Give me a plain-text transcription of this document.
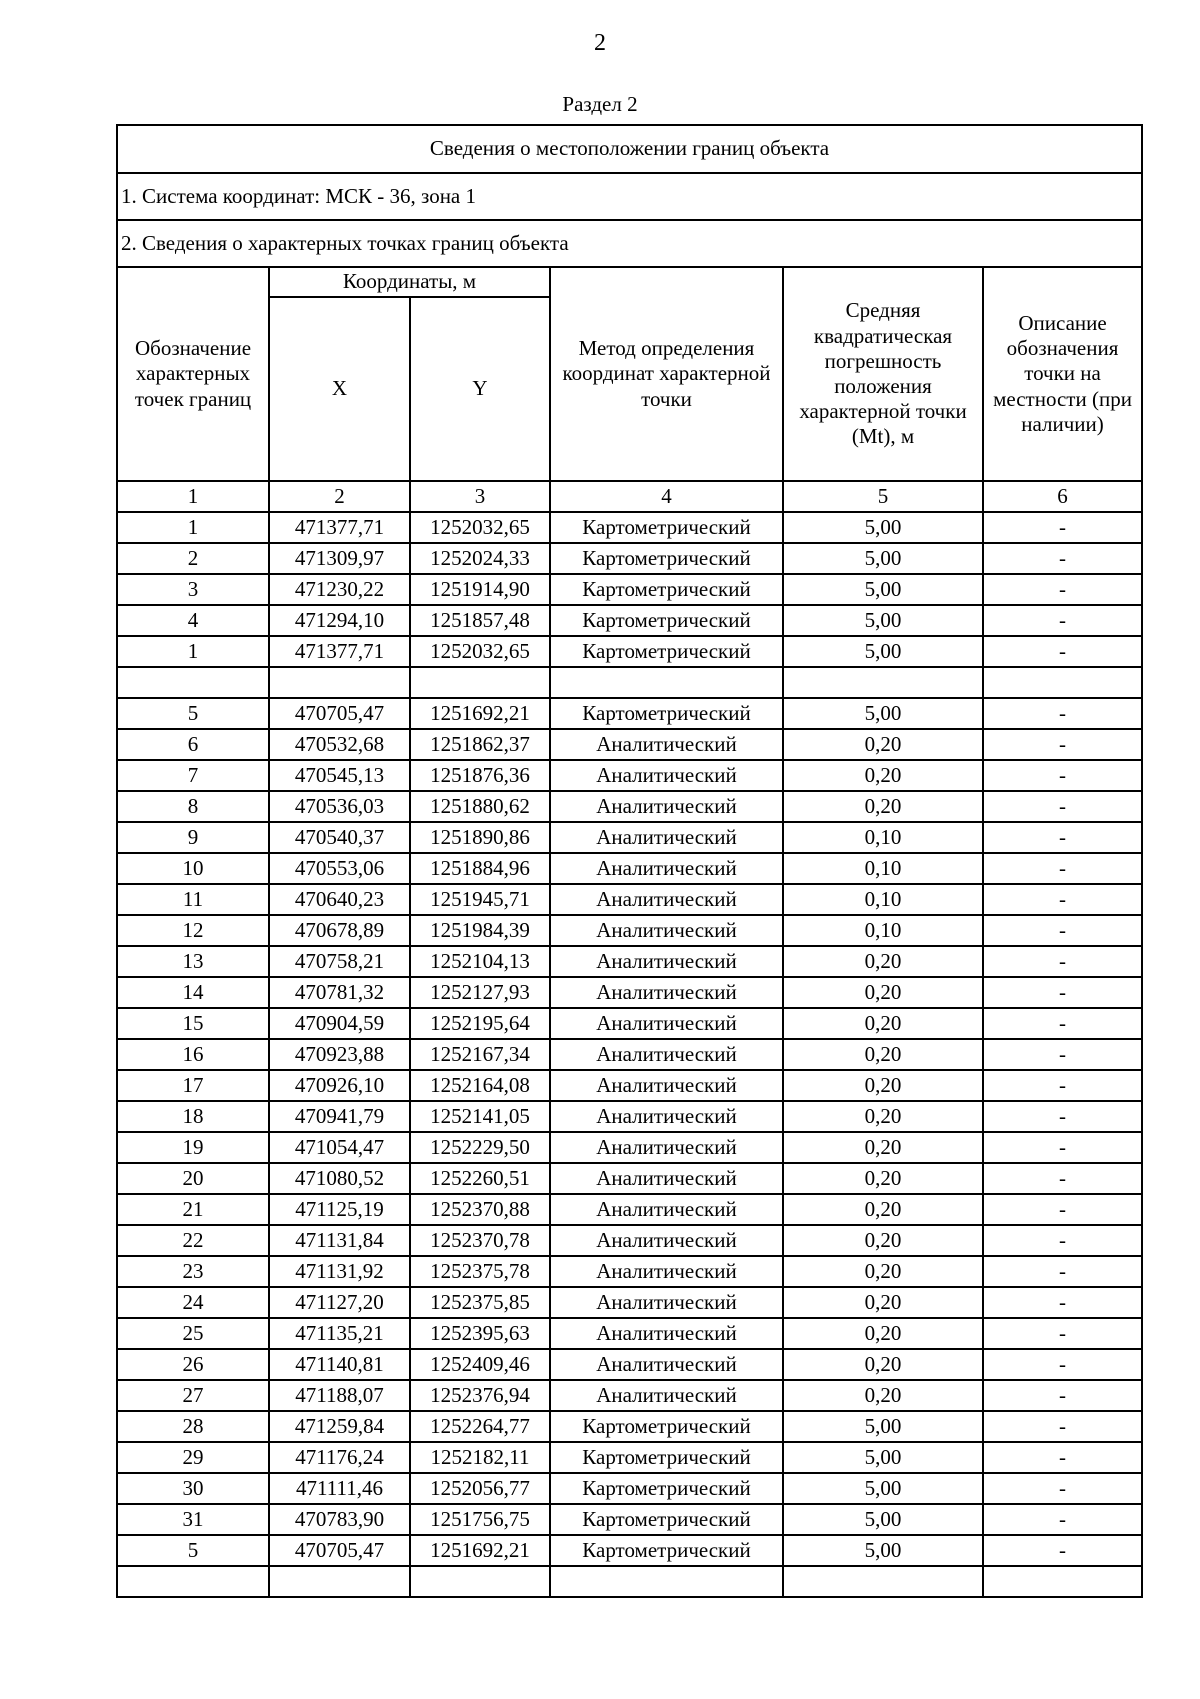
2
Раздел 2
Сведения о местоположении границ объекта					
1. Система координат: МСК - 36, зона 1					
2. Сведения о характерных точках границ объекта					
Обозначение характерных точек границ	Координаты, м		Метод определения координат характерной точки	Средняя квадратическая погрешность положения характерной точки (Mt), м	Описание обозначения точки на местности (при наличии)
	X	Y			
1	2	3	4	5	6
1	471377,71	1252032,65	Картометрический	5,00	-
2	471309,97	1252024,33	Картометрический	5,00	-
3	471230,22	1251914,90	Картометрический	5,00	-
4	471294,10	1251857,48	Картометрический	5,00	-
1	471377,71	1252032,65	Картометрический	5,00	-

5	470705,47	1251692,21	Картометрический	5,00	-
6	470532,68	1251862,37	Аналитический	0,20	-
7	470545,13	1251876,36	Аналитический	0,20	-
8	470536,03	1251880,62	Аналитический	0,20	-
9	470540,37	1251890,86	Аналитический	0,10	-
10	470553,06	1251884,96	Аналитический	0,10	-
11	470640,23	1251945,71	Аналитический	0,10	-
12	470678,89	1251984,39	Аналитический	0,10	-
13	470758,21	1252104,13	Аналитический	0,20	-
14	470781,32	1252127,93	Аналитический	0,20	-
15	470904,59	1252195,64	Аналитический	0,20	-
16	470923,88	1252167,34	Аналитический	0,20	-
17	470926,10	1252164,08	Аналитический	0,20	-
18	470941,79	1252141,05	Аналитический	0,20	-
19	471054,47	1252229,50	Аналитический	0,20	-
20	471080,52	1252260,51	Аналитический	0,20	-
21	471125,19	1252370,88	Аналитический	0,20	-
22	471131,84	1252370,78	Аналитический	0,20	-
23	471131,92	1252375,78	Аналитический	0,20	-
24	471127,20	1252375,85	Аналитический	0,20	-
25	471135,21	1252395,63	Аналитический	0,20	-
26	471140,81	1252409,46	Аналитический	0,20	-
27	471188,07	1252376,94	Аналитический	0,20	-
28	471259,84	1252264,77	Картометрический	5,00	-
29	471176,24	1252182,11	Картометрический	5,00	-
30	471111,46	1252056,77	Картометрический	5,00	-
31	470783,90	1251756,75	Картометрический	5,00	-
5	470705,47	1251692,21	Картометрический	5,00	-
